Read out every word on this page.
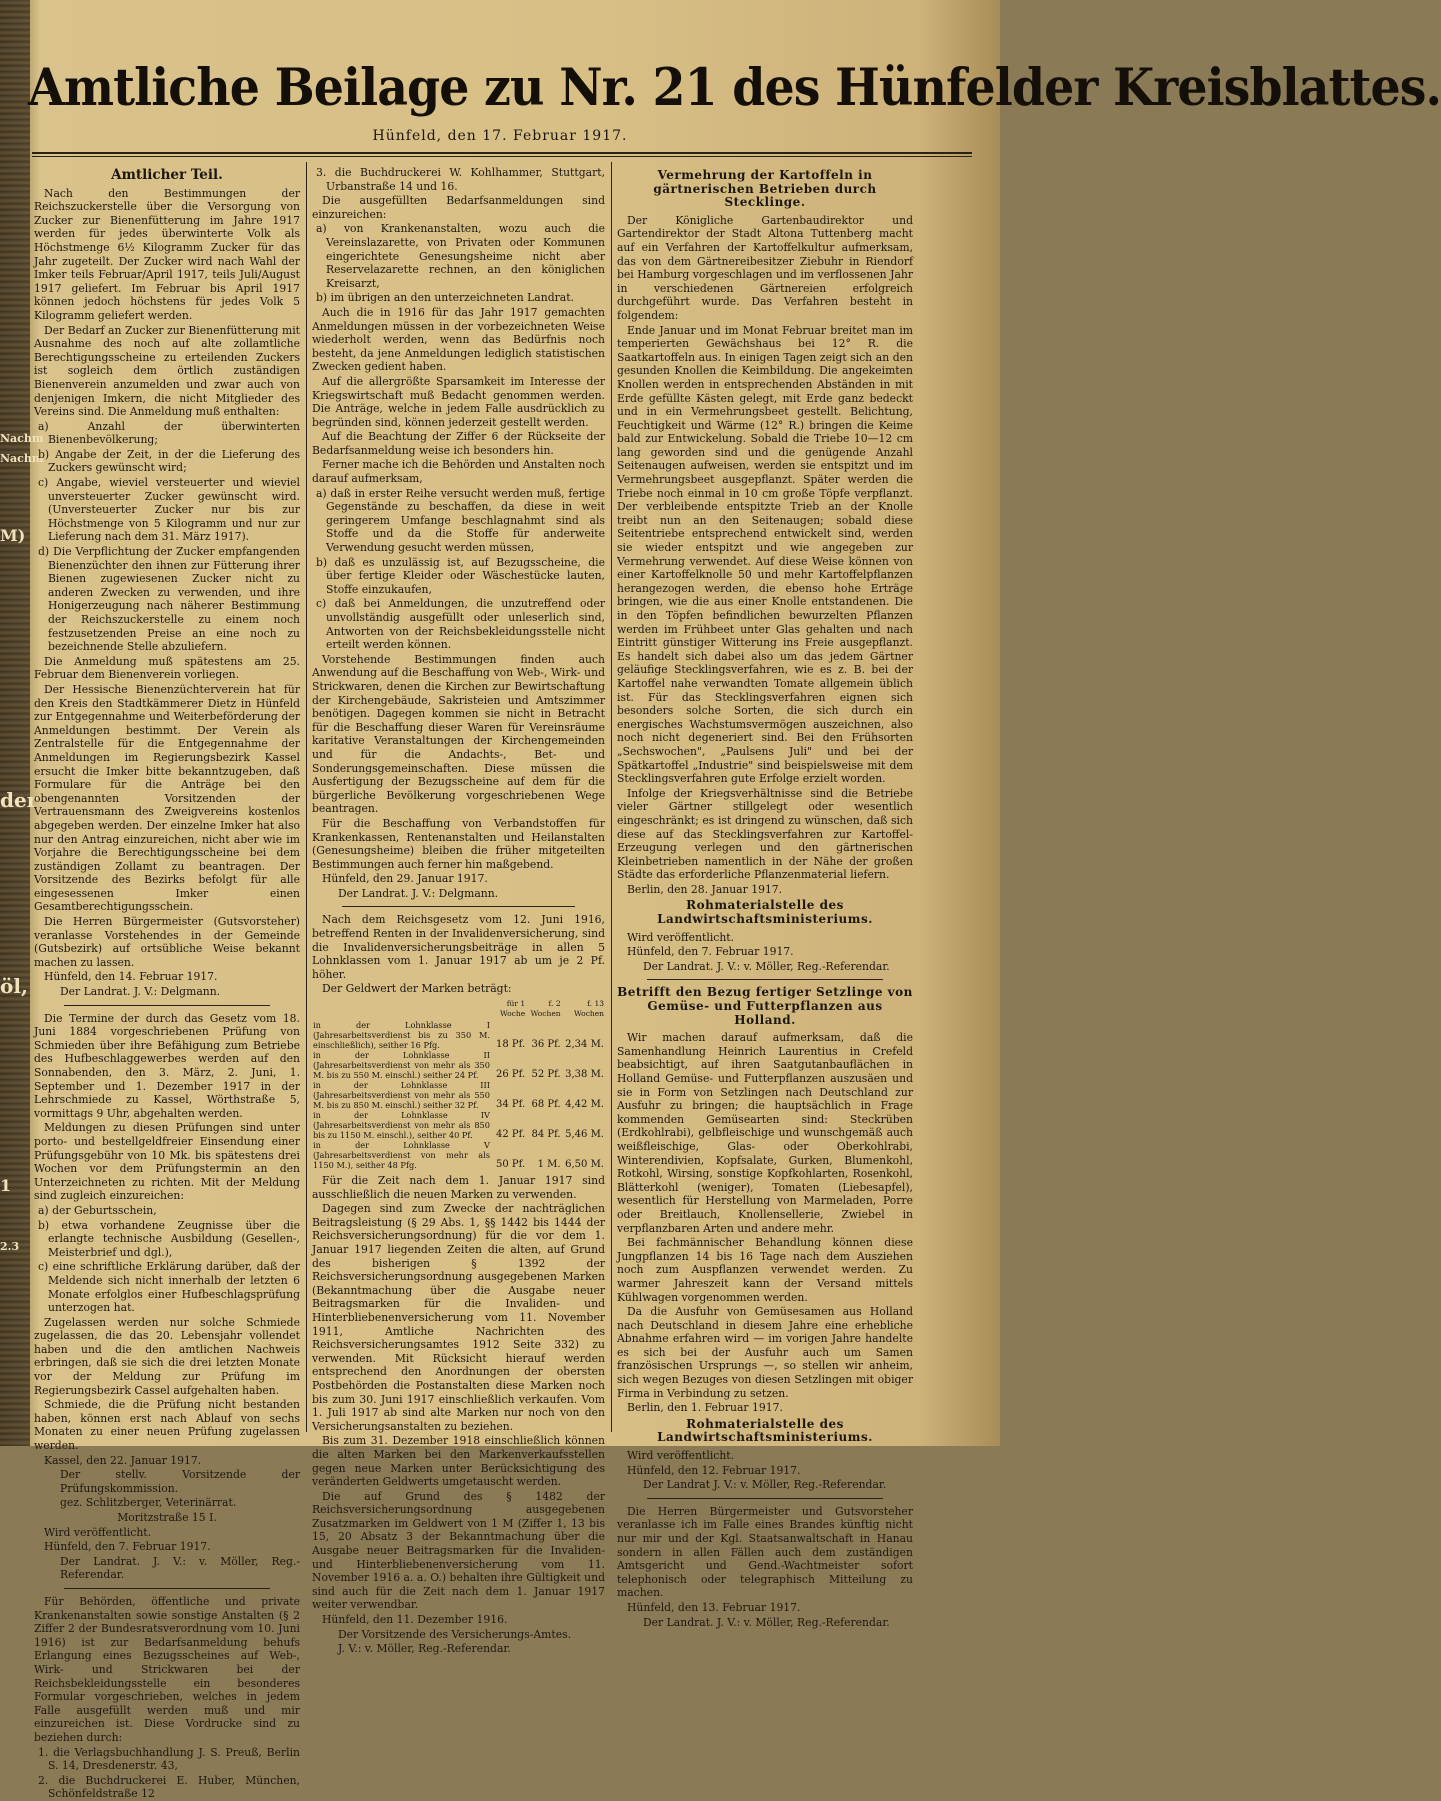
Nachm
Nachm
M)
der
öl,
1
2.3
Amtliche Beilage zu Nr. 21 des Hünfelder Kreisblattes.
Hünfeld, den 17. Februar 1917.

Amtlicher Teil.

Nach den Bestimmungen der Reichszuckerstelle über die Versorgung von Zucker zur Bienenfütterung im Jahre 1917 werden für jedes überwinterte Volk als Höchstmenge 6½ Kilogramm Zucker für das Jahr zugeteilt. Der Zucker wird nach Wahl der Imker teils Februar/April 1917, teils Juli/August 1917 geliefert. Im Februar bis April 1917 können jedoch höchstens für jedes Volk 5 Kilogramm geliefert werden.

Der Bedarf an Zucker zur Bienenfütterung mit Ausnahme des noch auf alte zollamtliche Berechtigungsscheine zu erteilenden Zuckers ist sogleich dem örtlich zuständigen Bienenverein anzumelden und zwar auch von denjenigen Imkern, die nicht Mitglieder des Vereins sind. Die Anmeldung muß enthalten:

a) Anzahl der überwinterten Bienenbevölkerung;

b) Angabe der Zeit, in der die Lieferung des Zuckers gewünscht wird;

c) Angabe, wieviel versteuerter und wieviel unversteuerter Zucker gewünscht wird. (Unversteuerter Zucker nur bis zur Höchstmenge von 5 Kilogramm und nur zur Lieferung nach dem 31. März 1917).

d) Die Verpflichtung der Zucker empfangenden Bienenzüchter den ihnen zur Fütterung ihrer Bienen zugewiesenen Zucker nicht zu anderen Zwecken zu verwenden, und ihre Honigerzeugung nach näherer Bestimmung der Reichszuckerstelle zu einem noch festzusetzenden Preise an eine noch zu bezeichnende Stelle abzuliefern.

Die Anmeldung muß spätestens am 25. Februar dem Bienenverein vorliegen.

Der Hessische Bienenzüchterverein hat für den Kreis den Stadtkämmerer Dietz in Hünfeld zur Entgegennahme und Weiterbeförderung der Anmeldungen bestimmt. Der Verein als Zentralstelle für die Entgegennahme der Anmeldungen im Regierungsbezirk Kassel ersucht die Imker bitte bekanntzugeben, daß Formulare für die Anträge bei den obengenannten Vorsitzenden der Vertrauensmann des Zweigvereins kostenlos abgegeben werden. Der einzelne Imker hat also nur den Antrag einzureichen, nicht aber wie im Vorjahre die Berechtigungsscheine bei dem zuständigen Zollamt zu beantragen. Der Vorsitzende des Bezirks befolgt für alle eingesessenen Imker einen Gesamtberechtigungsschein.

Die Herren Bürgermeister (Gutsvorsteher) veranlasse Vorstehendes in der Gemeinde (Gutsbezirk) auf ortsübliche Weise bekannt machen zu lassen.

Hünfeld, den 14. Februar 1917.

Der Landrat. J. V.: Delgmann.

Die Termine der durch das Gesetz vom 18. Juni 1884 vorgeschriebenen Prüfung von Schmieden über ihre Befähigung zum Betriebe des Hufbeschlaggewerbes werden auf den Sonnabenden, den 3. März, 2. Juni, 1. September und 1. Dezember 1917 in der Lehrschmiede zu Kassel, Wörthstraße 5, vormittags 9 Uhr, abgehalten werden.

Meldungen zu diesen Prüfungen sind unter porto- und bestellgeldfreier Einsendung einer Prüfungsgebühr von 10 Mk. bis spätestens drei Wochen vor dem Prüfungstermin an den Unterzeichneten zu richten. Mit der Meldung sind zugleich einzureichen:

a) der Geburtsschein,

b) etwa vorhandene Zeugnisse über die erlangte technische Ausbildung (Gesellen-, Meisterbrief und dgl.),

c) eine schriftliche Erklärung darüber, daß der Meldende sich nicht innerhalb der letzten 6 Monate erfolglos einer Hufbeschlagsprüfung unterzogen hat.

Zugelassen werden nur solche Schmiede zugelassen, die das 20. Lebensjahr vollendet haben und die den amtlichen Nachweis erbringen, daß sie sich die drei letzten Monate vor der Meldung zur Prüfung im Regierungsbezirk Cassel aufgehalten haben.

Schmiede, die die Prüfung nicht bestanden haben, können erst nach Ablauf von sechs Monaten zu einer neuen Prüfung zugelassen werden.

Kassel, den 22. Januar 1917.

Der stellv. Vorsitzende der Prüfungskommission.

gez. Schlitzberger, Veterinärrat.

Moritzstraße 15 I.

Wird veröffentlicht.

Hünfeld, den 7. Februar 1917.

Der Landrat. J. V.: v. Möller, Reg.-Referendar.

Für Behörden, öffentliche und private Krankenanstalten sowie sonstige Anstalten (§ 2 Ziffer 2 der Bundesratsverordnung vom 10. Juni 1916) ist zur Bedarfsanmeldung behufs Erlangung eines Bezugsscheines auf Web-, Wirk- und Strickwaren bei der Reichsbekleidungsstelle ein besonderes Formular vorgeschrieben, welches in jedem Falle ausgefüllt werden muß und mir einzureichen ist. Diese Vordrucke sind zu beziehen durch:

1. die Verlagsbuchhandlung J. S. Preuß, Berlin S. 14, Dresdenerstr. 43,

2. die Buchdruckerei E. Huber, München, Schönfeldstraße 12

3. die Buchdruckerei W. Kohlhammer, Stuttgart, Urbanstraße 14 und 16.

Die ausgefüllten Bedarfsanmeldungen sind einzureichen:

a) von Krankenanstalten, wozu auch die Vereinslazarette, von Privaten oder Kommunen eingerichtete Genesungsheime nicht aber Reservelazarette rechnen, an den königlichen Kreisarzt,

b) im übrigen an den unterzeichneten Landrat.

Auch die in 1916 für das Jahr 1917 gemachten Anmeldungen müssen in der vorbezeichneten Weise wiederholt werden, wenn das Bedürfnis noch besteht, da jene Anmeldungen lediglich statistischen Zwecken gedient haben.

Auf die allergrößte Sparsamkeit im Interesse der Kriegswirtschaft muß Bedacht genommen werden. Die Anträge, welche in jedem Falle ausdrücklich zu begründen sind, können jederzeit gestellt werden.

Auf die Beachtung der Ziffer 6 der Rückseite der Bedarfsanmeldung weise ich besonders hin.

Ferner mache ich die Behörden und Anstalten noch darauf aufmerksam,

a) daß in erster Reihe versucht werden muß, fertige Gegenstände zu beschaffen, da diese in weit geringerem Umfange beschlagnahmt sind als Stoffe und da die Stoffe für anderweite Verwendung gesucht werden müssen,

b) daß es unzulässig ist, auf Bezugsscheine, die über fertige Kleider oder Wäschestücke lauten, Stoffe einzukaufen,

c) daß bei Anmeldungen, die unzutreffend oder unvollständig ausgefüllt oder unleserlich sind, Antworten von der Reichsbekleidungsstelle nicht erteilt werden können.

Vorstehende Bestimmungen finden auch Anwendung auf die Beschaffung von Web-, Wirk- und Strickwaren, denen die Kirchen zur Bewirtschaftung der Kirchengebäude, Sakristeien und Amtszimmer benötigen. Dagegen kommen sie nicht in Betracht für die Beschaffung dieser Waren für Vereinsräume karitative Veranstaltungen der Kirchengemeinden und für die Andachts-, Bet- und Sonderungsgemeinschaften. Diese müssen die Ausfertigung der Bezugsscheine auf dem für die bürgerliche Bevölkerung vorgeschriebenen Wege beantragen.

Für die Beschaffung von Verbandstoffen für Krankenkassen, Rentenanstalten und Heilanstalten (Genesungsheime) bleiben die früher mitgeteilten Bestimmungen auch ferner hin maßgebend.

Hünfeld, den 29. Januar 1917.

Der Landrat. J. V.: Delgmann.

Nach dem Reichsgesetz vom 12. Juni 1916, betreffend Renten in der Invalidenversicherung, sind die Invalidenversicherungsbeiträge in allen 5 Lohnklassen vom 1. Januar 1917 ab um je 2 Pf. höher.

Der Geldwert der Marken beträgt:

	für 1 Woche	f. 2 Wochen	f. 13 Wochen
in der Lohnklasse I (Jahresarbeitsverdienst bis zu 350 M. einschließlich), seither 16 Pfg.	18 Pf.	36 Pf.	2,34 M.
in der Lohnklasse II (Jahresarbeitsverdienst von mehr als 350 M. bis zu 550 M. einschl.) seither 24 Pf.	26 Pf.	52 Pf.	3,38 M.
in der Lohnklasse III (Jahresarbeitsverdienst von mehr als 550 M. bis zu 850 M. einschl.) seither 32 Pf.	34 Pf.	68 Pf.	4,42 M.
in der Lohnklasse IV (Jahresarbeitsverdienst von mehr als 850 bis zu 1150 M. einschl.), seither 40 Pf.	42 Pf.	84 Pf.	5,46 M.
in der Lohnklasse V (Jahresarbeitsverdienst von mehr als 1150 M.), seither 48 Pfg.	50 Pf.	1 M.	6,50 M.

Für die Zeit nach dem 1. Januar 1917 sind ausschließlich die neuen Marken zu verwenden.

Dagegen sind zum Zwecke der nachträglichen Beitragsleistung (§ 29 Abs. 1, §§ 1442 bis 1444 der Reichsversicherungsordnung) für die vor dem 1. Januar 1917 liegenden Zeiten die alten, auf Grund des bisherigen § 1392 der Reichsversicherungsordnung ausgegebenen Marken (Bekanntmachung über die Ausgabe neuer Beitragsmarken für die Invaliden- und Hinterbliebenenversicherung vom 11. November 1911, Amtliche Nachrichten des Reichsversicherungsamtes 1912 Seite 332) zu verwenden. Mit Rücksicht hierauf werden entsprechend den Anordnungen der obersten Postbehörden die Postanstalten diese Marken noch bis zum 30. Juni 1917 einschließlich verkaufen. Vom 1. Juli 1917 ab sind alte Marken nur noch von den Versicherungsanstalten zu beziehen.

Bis zum 31. Dezember 1918 einschließlich können die alten Marken bei den Markenverkaufsstellen gegen neue Marken unter Berücksichtigung des veränderten Geldwerts umgetauscht werden.

Die auf Grund des § 1482 der Reichsversicherungsordnung ausgegebenen Zusatzmarken im Geldwert von 1 M (Ziffer 1, 13 bis 15, 20 Absatz 3 der Bekanntmachung über die Ausgabe neuer Beitragsmarken für die Invaliden- und Hinterbliebenenversicherung vom 11. November 1916 a. a. O.) behalten ihre Gültigkeit und sind auch für die Zeit nach dem 1. Januar 1917 weiter verwendbar.

Hünfeld, den 11. Dezember 1916.

Der Vorsitzende des Versicherungs-Amtes.

J. V.: v. Möller, Reg.-Referendar.

Vermehrung der Kartoffeln in gärtnerischen Betrieben durch Stecklinge.

Der Königliche Gartenbaudirektor und Gartendirektor der Stadt Altona Tuttenberg macht auf ein Verfahren der Kartoffelkultur aufmerksam, das von dem Gärtnereibesitzer Ziebuhr in Riendorf bei Hamburg vorgeschlagen und im verflossenen Jahr in verschiedenen Gärtnereien erfolgreich durchgeführt wurde. Das Verfahren besteht in folgendem:

Ende Januar und im Monat Februar breitet man im temperierten Gewächshaus bei 12° R. die Saatkartoffeln aus. In einigen Tagen zeigt sich an den gesunden Knollen die Keimbildung. Die angekeimten Knollen werden in entsprechenden Abständen in mit Erde gefüllte Kästen gelegt, mit Erde ganz bedeckt und in ein Vermehrungsbeet gestellt. Belichtung, Feuchtigkeit und Wärme (12° R.) bringen die Keime bald zur Entwickelung. Sobald die Triebe 10—12 cm lang geworden sind und die genügende Anzahl Seitenaugen aufweisen, werden sie entspitzt und im Vermehrungsbeet ausgepflanzt. Später werden die Triebe noch einmal in 10 cm große Töpfe verpflanzt. Der verbleibende entspitzte Trieb an der Knolle treibt nun an den Seitenaugen; sobald diese Seitentriebe entsprechend entwickelt sind, werden sie wieder entspitzt und wie angegeben zur Vermehrung verwendet. Auf diese Weise können von einer Kartoffelknolle 50 und mehr Kartoffelpflanzen herangezogen werden, die ebenso hohe Erträge bringen, wie die aus einer Knolle entstandenen. Die in den Töpfen befindlichen bewurzelten Pflanzen werden im Frühbeet unter Glas gehalten und nach Eintritt günstiger Witterung ins Freie ausgepflanzt. Es handelt sich dabei also um das jedem Gärtner geläufige Stecklingsverfahren, wie es z. B. bei der Kartoffel nahe verwandten Tomate allgemein üblich ist. Für das Stecklingsverfahren eignen sich besonders solche Sorten, die sich durch ein energisches Wachstumsvermögen auszeichnen, also noch nicht degeneriert sind. Bei den Frühsorten „Sechswochen", „Paulsens Juli" und bei der Spätkartoffel „Industrie" sind beispielsweise mit dem Stecklingsverfahren gute Erfolge erzielt worden.

Infolge der Kriegsverhältnisse sind die Betriebe vieler Gärtner stillgelegt oder wesentlich eingeschränkt; es ist dringend zu wünschen, daß sich diese auf das Stecklingsverfahren zur Kartoffel-Erzeugung verlegen und den gärtnerischen Kleinbetrieben namentlich in der Nähe der großen Städte das erforderliche Pflanzenmaterial liefern.

Berlin, den 28. Januar 1917.

Rohmaterialstelle des Landwirtschaftsministeriums.

Wird veröffentlicht.

Hünfeld, den 7. Februar 1917.

Der Landrat. J. V.: v. Möller, Reg.-Referendar.

Betrifft den Bezug fertiger Setzlinge von Gemüse- und Futterpflanzen aus Holland.

Wir machen darauf aufmerksam, daß die Samenhandlung Heinrich Laurentius in Crefeld beabsichtigt, auf ihren Saatgutanbauflächen in Holland Gemüse- und Futterpflanzen auszusäen und sie in Form von Setzlingen nach Deutschland zur Ausfuhr zu bringen; die hauptsächlich in Frage kommenden Gemüsearten sind: Steckrüben (Erdkohlrabi), gelbfleischige und wunschgemäß auch weißfleischige, Glas- oder Oberkohlrabi, Winterendivien, Kopfsalate, Gurken, Blumenkohl, Rotkohl, Wirsing, sonstige Kopfkohlarten, Rosenkohl, Blätterkohl (weniger), Tomaten (Liebesapfel), wesentlich für Herstellung von Marmeladen, Porre oder Breitlauch, Knollensellerie, Zwiebel in verpflanzbaren Arten und andere mehr.

Bei fachmännischer Behandlung können diese Jungpflanzen 14 bis 16 Tage nach dem Ausziehen noch zum Auspflanzen verwendet werden. Zu warmer Jahreszeit kann der Versand mittels Kühlwagen vorgenommen werden.

Da die Ausfuhr von Gemüsesamen aus Holland nach Deutschland in diesem Jahre eine erhebliche Abnahme erfahren wird — im vorigen Jahre handelte es sich bei der Ausfuhr auch um Samen französischen Ursprungs —, so stellen wir anheim, sich wegen Bezuges von diesen Setzlingen mit obiger Firma in Verbindung zu setzen.

Berlin, den 1. Februar 1917.

Rohmaterialstelle des Landwirtschaftsministeriums.

Wird veröffentlicht.

Hünfeld, den 12. Februar 1917.

Der Landrat J. V.: v. Möller, Reg.-Referendar.

Die Herren Bürgermeister und Gutsvorsteher veranlasse ich im Falle eines Brandes künftig nicht nur mir und der Kgl. Staatsanwaltschaft in Hanau sondern in allen Fällen auch dem zuständigen Amtsgericht und Gend.-Wachtmeister sofort telephonisch oder telegraphisch Mitteilung zu machen.

Hünfeld, den 13. Februar 1917.

Der Landrat. J. V.: v. Möller, Reg.-Referendar.
